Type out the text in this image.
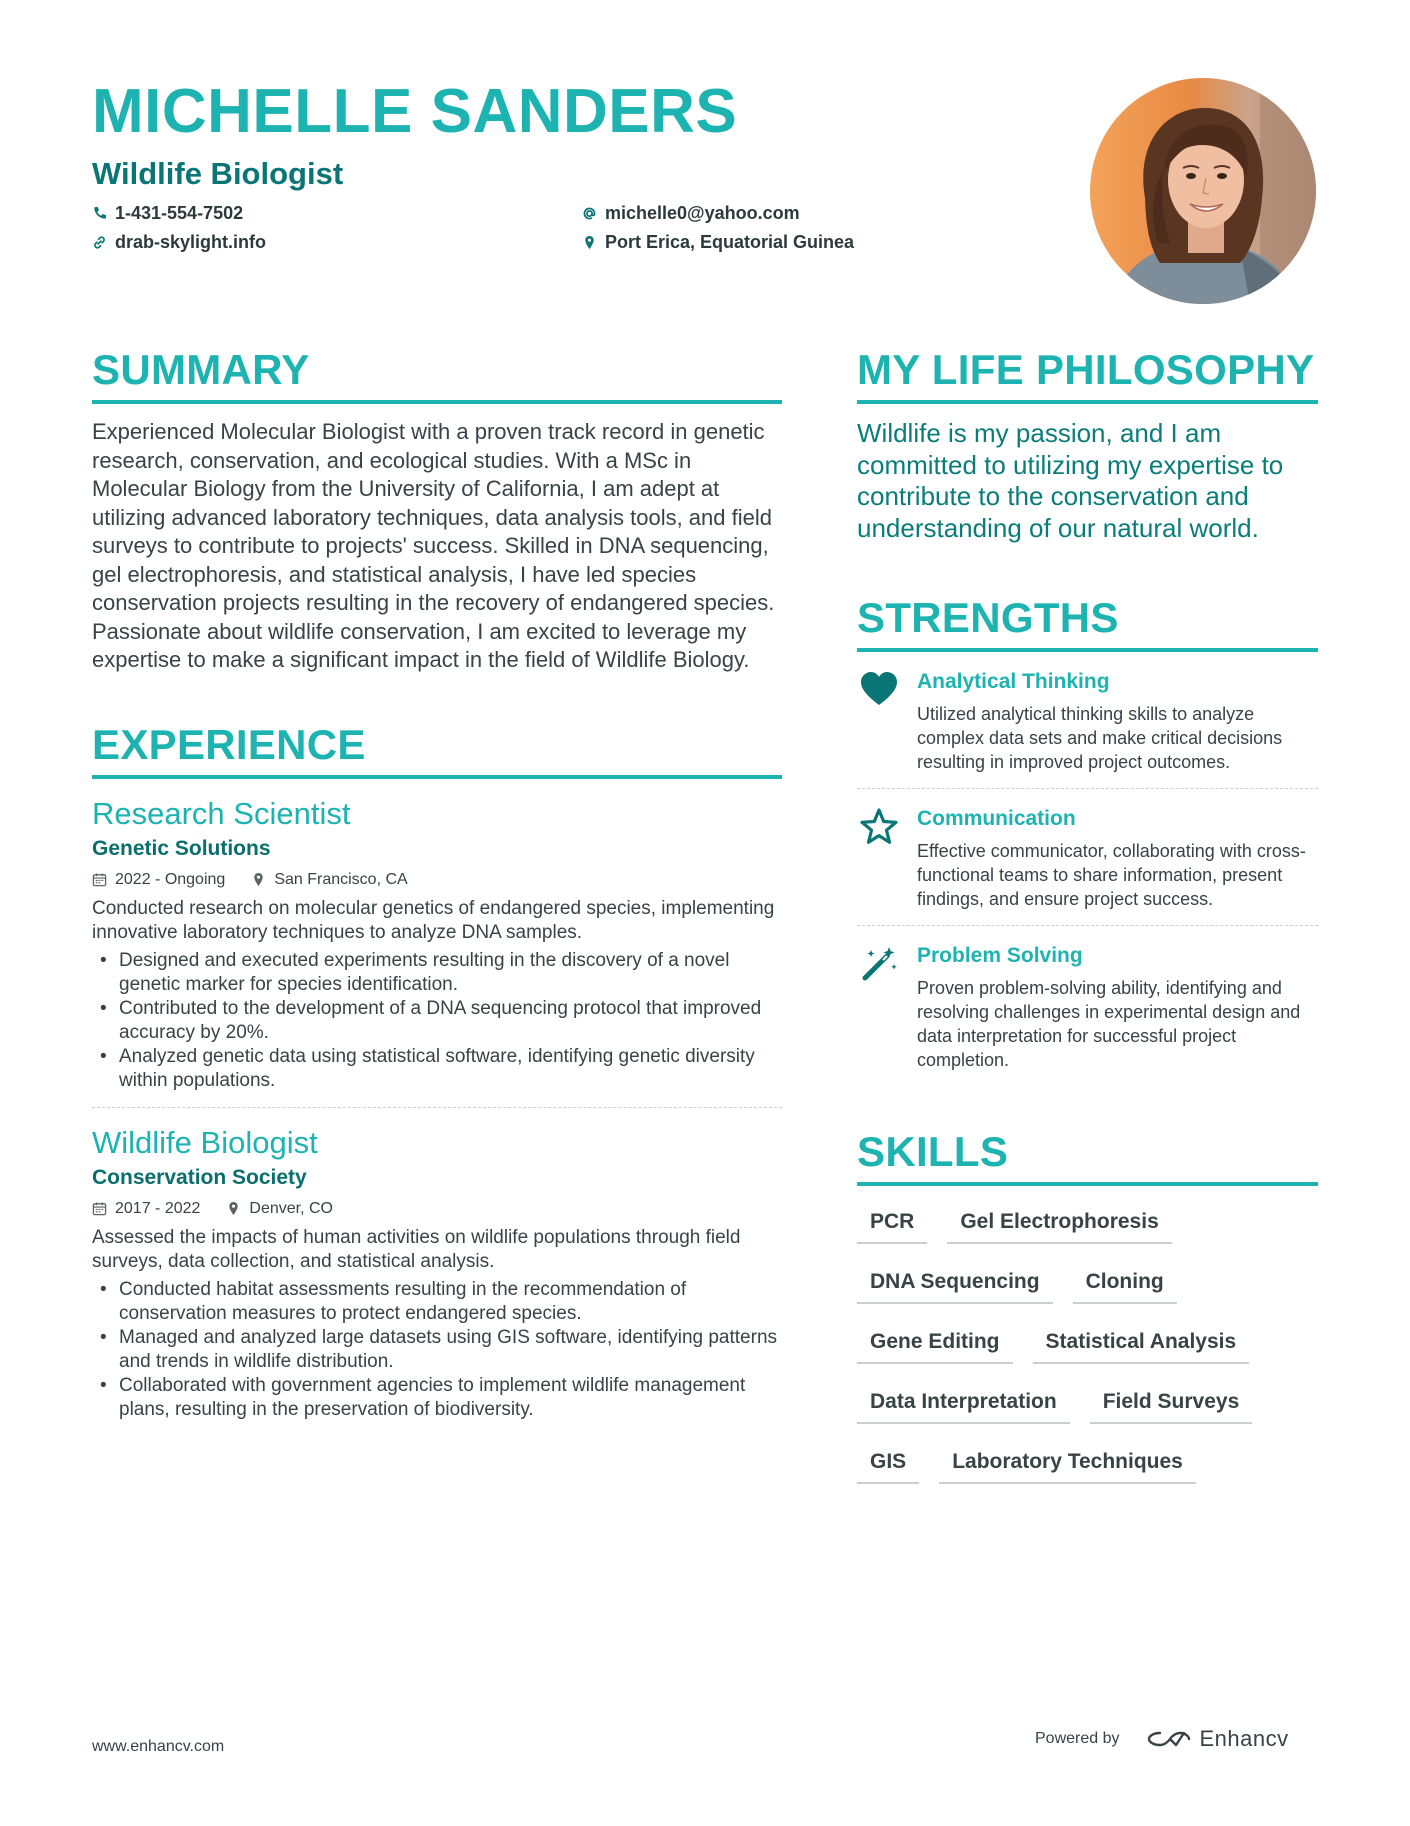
MICHELLE SANDERS
Wildlife Biologist
1-431-554-7502	michelle0@yahoo.com
drab-skylight.info	Port Erica, Equatorial Guinea
SUMMARY

Experienced Molecular Biologist with a proven track record in genetic research, conservation, and ecological studies. With a MSc in Molecular Biology from the University of California, I am adept at utilizing advanced laboratory techniques, data analysis tools, and field surveys to contribute to projects' success. Skilled in DNA sequencing, gel electrophoresis, and statistical analysis, I have led species conservation projects resulting in the recovery of endangered species. Passionate about wildlife conservation, I am excited to leverage my expertise to make a significant impact in the field of Wildlife Biology.

EXPERIENCE
Research Scientist
Genetic Solutions
2022 - Ongoing	San Francisco, CA

Conducted research on molecular genetics of endangered species, implementing innovative laboratory techniques to analyze DNA samples.

• Designed and executed experiments resulting in the discovery of a novel genetic marker for species identification.
• Contributed to the development of a DNA sequencing protocol that improved accuracy by 20%.
• Analyzed genetic data using statistical software, identifying genetic diversity within populations.
Wildlife Biologist
Conservation Society
2017 - 2022	Denver, CO

Assessed the impacts of human activities on wildlife populations through field surveys, data collection, and statistical analysis.

• Conducted habitat assessments resulting in the recommendation of conservation measures to protect endangered species.
• Managed and analyzed large datasets using GIS software, identifying patterns and trends in wildlife distribution.
• Collaborated with government agencies to implement wildlife management plans, resulting in the preservation of biodiversity.
MY LIFE PHILOSOPHY

Wildlife is my passion, and I am committed to utilizing my expertise to contribute to the conservation and understanding of our natural world.

STRENGTHS
Analytical Thinking

Utilized analytical thinking skills to analyze complex data sets and make critical decisions resulting in improved project outcomes.

Communication

Effective communicator, collaborating with cross-functional teams to share information, present findings, and ensure project success.

Problem Solving

Proven problem-solving ability, identifying and resolving challenges in experimental design and data interpretation for successful project completion.

SKILLS
PCR	Gel Electrophoresis
DNA Sequencing	Cloning
Gene Editing	Statistical Analysis
Data Interpretation	Field Surveys
GIS	Laboratory Techniques
www.enhancv.com	Powered by	Enhancv
